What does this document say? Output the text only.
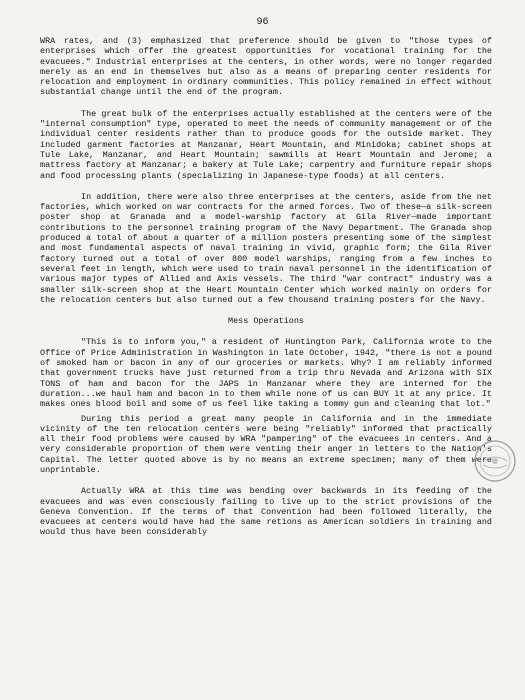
96

WRA rates, and (3) emphasized that preference should be given to "those types of enterprises which offer the greatest opportunities for vocational training for the evacuees." Industrial enterprises at the centers, in other words, were no longer regarded merely as an end in themselves but also as a means of preparing center residents for relocation and employment in ordinary communities. This policy remained in effect without substantial change until the end of the program.

The great bulk of the enterprises actually established at the centers were of the "internal consumption" type, operated to meet the needs of community management or of the individual center residents rather than to produce goods for the outside market. They included garment factories at Manzanar, Heart Mountain, and Minidoka; cabinet shops at Tule Lake, Manzanar, and Heart Mountain; sawmills at Heart Mountain and Jerome; a mattress factory at Manzanar; a bakery at Tule Lake; carpentry and furniture repair shops and food processing plants (specializing in Japanese-type foods) at all centers.

In addition, there were also three enterprises at the centers, aside from the net factories, which worked on war contracts for the armed forces. Two of these—a silk-screen poster shop at Granada and a model-warship factory at Gila River—made important contributions to the personnel training program of the Navy Department. The Granada shop produced a total of about a quarter of a million posters presenting some of the simplest and most fundamental aspects of naval training in vivid, graphic form; the Gila River factory turned out a total of over 800 model warships, ranging from a few inches to several feet in length, which were used to train naval personnel in the identification of various major types of Allied and Axis vessels. The third "war contract" industry was a smaller silk-screen shop at the Heart Mountain Center which worked mainly on orders for the relocation centers but also turned out a few thousand training posters for the Navy.

Mess Operations

"This is to inform you," a resident of Huntington Park, California wrote to the Office of Price Administration in Washington in late October, 1942, "there is not a pound of smoked ham or bacon in any of our groceries or markets. Why? I am reliably informed that government trucks have just returned from a trip thru Nevada and Arizona with SIX TONS of ham and bacon for the JAPS in Manzanar where they are interned for the duration...we haul ham and bacon in to them while none of us can BUY it at any price. It makes ones blood boil and some of us feel like taking a tommy gun and cleaning that lot."

During this period a great many people in California and in the immediate vicinity of the ten relocation centers were being "reliably" informed that practically all their food problems were caused by WRA "pampering" of the evacuees in centers. And a very considerable proportion of them were venting their anger in letters to the Nation's Capital. The letter quoted above is by no means an extreme specimen; many of them were unprintable.

Actually WRA at this time was bending over backwards in its feeding of the evacuees and was even consciously failing to live up to the strict provisions of the Geneva Convention. If the terms of that Convention had been followed literally, the evacuees at centers would have had the same retions as American soldiers in training and would thus have been considerably
